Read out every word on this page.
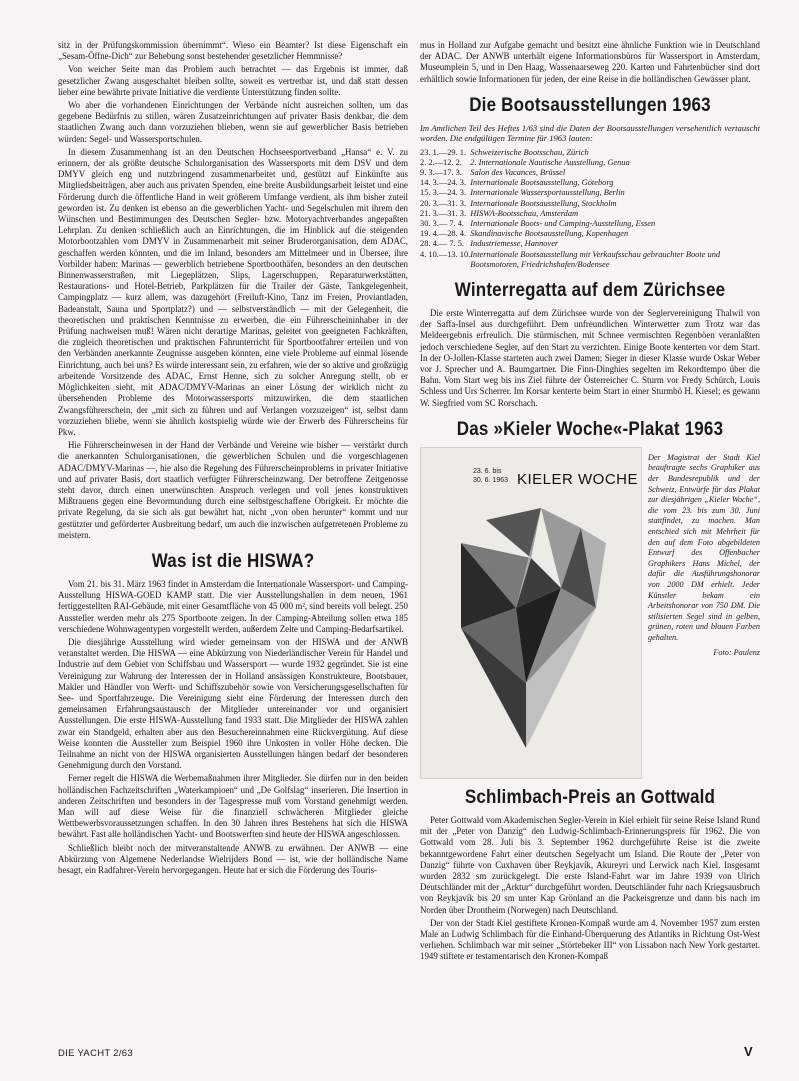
sitz in der Prüfungskommission übernimmt“. Wieso ein Beamter? Ist diese Eigenschaft ein „Sesam-Öffne-Dich“ zur Behebung sonst bestehender gesetzlicher Hemmnisse?

Von weicher Seite man das Problem auch betrachtet — das Ergebnis ist immer, daß gesetzlicher Zwang ausgeschaltet bleiben sollte, soweit es vertretbar ist, und daß statt dessen lieber eine bewährte private Initiative die verdiente Unterstützung finden sollte.

Wo aber die vorhandenen Einrichtungen der Verbände nicht ausreichen sollten, um das gegebene Bedürfnis zu stillen, wären Zusatzeinrichtungen auf privater Basis denkbar, die dem staatlichen Zwang auch dann vorzuziehen blieben, wenn sie auf gewerblicher Basis betrieben würden: Segel- und Wassersportschulen.

In diesem Zusammenhang ist an den Deutschen Hochseesportverband „Hansa“ e. V. zu erinnern, der als größte deutsche Schulorganisation des Wassersports mit dem DSV und dem DMYV gleich eng und nutzbringend zusammenarbeitet und, gestützt auf Einkünfte aus Mitgliedsbeiträgen, aber auch aus privaten Spenden, eine breite Ausbildungsarbeit leistet und eine Förderung durch die öffentliche Hand in weit größerem Umfange verdient, als ihm bisher zuteil geworden ist. Zu denken ist ebenso an die gewerblichen Yacht- und Segelschulen mit ihrem den Wünschen und Bestimmungen des Deutschen Segler- bzw. Motoryachtverbandes angepaßten Lehrplan. Zu denken schließlich auch an Einrichtungen, die im Hinblick auf die steigenden Motorbootzahlen vom DMYV in Zusammenarbeit mit seiner Bruderorganisation, dem ADAC, geschaffen werden könnten, und die im Inland, besonders am Mittelmeer und in Übersee, ihre Vorbilder haben: Marinas — gewerblich betriebene Sportboothäfen, besonders an den deutschen Binnenwasserstraßen, mit Liegeplätzen, Slips, Lagerschuppen, Reparaturwerkstätten, Restaurations- und Hotel-Betrieb, Parkplätzen für die Trailer der Gäste, Tankgelegenheit, Campingplatz — kurz allem, was dazugehört (Freiluft-Kino, Tanz im Freien, Proviantladen, Badeanstalt, Sauna und Sportplatz?) und — selbstverständlich — mit der Gelegenheit, die theoretischen und praktischen Kenntnisse zu erwerben, die ein Führerscheininhaber in der Prüfung nachweisen muß! Wären nicht derartige Marinas, geleitet von geeigneten Fachkräften, die zugleich theoretischen und praktischen Fahrunterricht für Sportbootfahrer erteilen und von den Verbänden anerkannte Zeugnisse ausgeben könnten, eine viele Probleme auf einmal lösende Einrichtung, auch bei uns? Es würde interessant sein, zu erfahren, wie der so aktive und großzügig arbeitende Vorsitzende des ADAC, Ernst Henne, sich zu solcher Anregung stellt, ob er Möglichkeiten sieht, mit ADAC/DMYV-Marinas an einer Lösung der wirklich nicht zu übersehenden Probleme des Motorwassersports mitzuwirken, die dem staatlichen Zwangsführerschein, der „mit sich zu führen und auf Verlangen vorzuzeigen“ ist, selbst dann vorzuziehen bliebe, wenn sie ähnlich kostspielig würde wie der Erwerb des Führerscheins für Pkw.

Hie Führerscheinwesen in der Hand der Verbände und Vereine wie bisher — verstärkt durch die anerkannten Schulorganisationen, die gewerblichen Schulen und die vorgeschlagenen ADAC/DMYV-Marinas —, hie also die Regelung des Führerscheinproblems in privater Initiative und auf privater Basis, dort staatlich verfügter Führerscheinzwang. Der betroffene Zeitgenosse steht davor, durch einen unerwünschten Anspruch verlegen und voll jenes konstruktiven Mißtrauens gegen eine Bevormundung durch eine selbstgeschaffene Obrigkeit. Er möchte die private Regelung, da sie sich als gut bewährt hat, nicht „von oben herunter“ kommt und nur gestützter und geförderter Ausbreitung bedarf, um auch die inzwischen aufgetretenen Probleme zu meistern.

Was ist die HISWA?

Vom 21. bis 31. März 1963 findet in Amsterdam die Internationale Wassersport- und Camping-Ausstellung HISWA-GOED KAMP statt. Die vier Ausstellungshallen in dem neuen, 1961 fertiggestellten RAI-Gebäude, mit einer Gesamtfläche von 45 000 m², sind bereits voll belegt. 250 Aussteller werden mehr als 275 Sportboote zeigen. In der Camping-Abteilung sollen etwa 185 verschiedene Wohnwagentypen vorgestellt werden, außerdem Zelte und Camping-Bedarfsartikel.

Die diesjährige Ausstellung wird wieder gemeinsam von der HISWA und der ANWB veranstaltet werden. Die HISWA — eine Abkürzung von Niederländischer Verein für Handel und Industrie auf dem Gebiet von Schiffsbau und Wassersport — wurde 1932 gegründet. Sie ist eine Vereinigung zur Wahrung der Interessen der in Holland ansässigen Konstrukteure, Bootsbauer, Makler und Händler von Werft- und Schiffszubehör sowie von Versicherungsgesellschaften für See- und Sportfahrzeuge. Die Vereinigung sieht eine Förderung der Interessen durch den gemeinsamen Erfahrungsaustausch der Mitglieder untereinander vor und organisiert Ausstellungen. Die erste HISWA-Ausstellung fand 1933 statt. Die Mitglieder der HISWA zahlen zwar ein Standgeld, erhalten aber aus den Besuchereinnahmen eine Rückvergütung. Auf diese Weise konnten die Aussteller zum Beispiel 1960 ihre Unkosten in voller Höhe decken. Die Teilnahme an nicht von der HISWA organisierten Ausstellungen hängen bedarf der besonderen Genehmigung durch den Vorstand.

Ferner regelt die HISWA die Werbemaßnahmen ihrer Mitglieder. Sie dürfen nur in den beiden holländischen Fachzeitschriften „Waterkampioen“ und „De Golfslag“ inserieren. Die Insertion in anderen Zeitschriften und besonders in der Tagespresse muß vom Vorstand genehmigt werden. Man will auf diese Weise für die finanziell schwächeren Mitglieder gleiche Wettbewerbsvoraussetzungen schaffen. In den 30 Jahren ihres Bestehens hat sich die HISWA bewährt. Fast alle holländischen Yacht- und Bootswerften sind heute der HISWA angeschlossen.

Schließlich bleibt noch der mitveranstaltende ANWB zu erwähnen. Der ANWB — eine Abkürzung von Algemene Nederlandse Wielrijders Bond — ist, wie der holländische Name besagt, ein Radfahrer-Verein hervorgegangen. Heute hat er sich die Förderung des Touris-

mus in Holland zur Aufgabe gemacht und besitzt eine ähnliche Funktion wie in Deutschland der ADAC. Der ANWB unterhält eigene Informationsbüros für Wassersport in Amsterdam, Museumplein 5, und in Den Haag, Wassenaarseweg 220. Karten und Fahrtenbücher sind dort erhältlich sowie Informationen für jeden, der eine Reise in die holländischen Gewässer plant.

Die Bootsausstellungen 1963

Im Amtlichen Teil des Heftes 1/63 sind die Daten der Bootsausstellungen versehentlich vertauscht worden. Die endgültigen Termine für 1963 lauten:

23. 1.—29. 1.	Schweizerische Bootsschau, Zürich
2. 2.—12. 2.	2. Internationale Nautische Ausstellung, Genua
9. 3.—17. 3.	Salon des Vacances, Brüssel
14. 3.—24. 3.	Internationale Bootsausstellung, Göteborg
15. 3.—24. 3.	Internationale Wassersportausstellung, Berlin
20. 3.—31. 3.	Internationale Bootsausstellung, Stockholm
21. 3.—31. 3.	HISWA-Bootsschau, Amsterdam
30. 3.— 7. 4.	Internationale Boots- und Camping-Ausstellung, Essen
19. 4.—28. 4.	Skandinavische Bootsausstellung, Kopenhagen
28. 4.— 7. 5.	Industriemesse, Hannover
4. 10.—13. 10.	Internationale Bootsausstellung mit Verkaufsschau gebrauchter Boote und Bootsmotoren, Friedrichshafen/Bodensee
Winterregatta auf dem Zürichsee

Die erste Winterregatta auf dem Zürichsee wurde von der Seglervereinigung Thalwil von der Saffa-Insel aus durchgeführt. Dem unfreundlichen Winterwetter zum Trotz war das Meldeergebnis erfreulich. Die stürmischen, mit Schnee vermischten Regenböen veranlaßten jedoch verschiedene Segler, auf den Start zu verzichten. Einige Boote kenterten vor dem Start. In der O-Jollen-Klasse starteten auch zwei Damen; Sieger in dieser Klasse wurde Oskar Weber vor J. Sprecher und A. Baumgartner. Die Finn-Dinghies segelten im Rekordtempo über die Bahn. Vom Start weg bis ins Ziel führte der Österreicher C. Sturm vor Fredy Schürch, Louis Schless und Urs Scherrer. Im Korsar kenterte beim Start in einer Sturmbö H. Kiesel; es gewann W. Siegfried vom SC Rorschach.

Das »Kieler Woche«-Plakat 1963
23. 6. bis 30. 6. 1963 KIELER WOCHE
Der Magistrat der Stadt Kiel beauftragte sechs Graphiker aus der Bundesrepublik und der Schweiz, Entwürfe für das Plakat zur diesjährigen „Kieler Woche“, die vom 23. bis zum 30. Juni stattfindet, zu machen. Man entschied sich mit Mehrheit für den auf dem Foto abgebildeten Entwurf des Offenbacher Graphikers Hans Michel, der dafür die Ausführungshonorar von 2000 DM erhielt. Jeder Künstler bekam ein Arbeitshonorar von 750 DM. Die stilisierten Segel sind in gelben, grünen, roten und blauen Farben gehalten.
Foto: Paulenz
Schlimbach-Preis an Gottwald

Peter Gottwald vom Akademischen Segler-Verein in Kiel erhielt für seine Reise Island Rund mit der „Peter von Danzig“ den Ludwig-Schlimbach-Erinnerungspreis für 1962. Die von Gottwald vom 28. Juli bis 3. September 1962 durchgeführte Reise ist die zweite bekanntgewordene Fahrt einer deutschen Segelyacht um Island. Die Route der „Peter von Danzig“ führte von Cuxhaven über Reykjavík, Akureyri und Lerwick nach Kiel. Insgesamt wurden 2832 sm zurückgelegt. Die erste Island-Fahrt war im Jahre 1939 von Ulrich Deutschländer mit der „Arktur“ durchgeführt worden. Deutschländer fuhr nach Kriegsausbruch von Reykjavík bis 20 sm unter Kap Grönland an die Packeisgrenze und dann bis nach im Norden über Drontheim (Norwegen) nach Deutschland.

Der von der Stadt Kiel gestiftete Kronen-Kompaß wurde am 4. November 1957 zum ersten Male an Ludwig Schlimbach für die Einhand-Überquerung des Atlantiks in Richtung Ost-West verliehen. Schlimbach war mit seiner „Störtebeker III“ von Lissabon nach New York gestartet. 1949 stiftete er testamentarisch den Kronen-Kompaß

DIE YACHT 2/63	V
